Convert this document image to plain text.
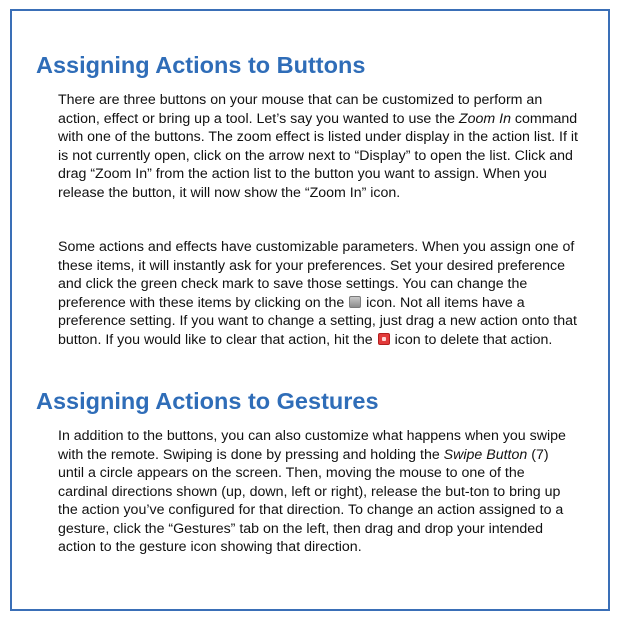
Assigning Actions to Buttons

There are three buttons on your mouse that can be customized to perform an action, effect or bring up a tool. Let’s say you wanted to use the Zoom In command with one of the buttons. The zoom effect is listed under display in the action list. If it is not currently open, click on the arrow next to “Display” to open the list. Click and drag “Zoom In” from the action list to the button you want to assign. When you release the button, it will now show the “Zoom In” icon.

Some actions and effects have customizable parameters. When you assign one of these items, it will instantly ask for your preferences. Set your desired preference and click the green check mark to save those settings. You can change the preference with these items by clicking on the  icon. Not all items have a preference setting. If you want to change a setting, just drag a new action onto that button. If you would like to clear that action, hit the  icon to delete that action.

Assigning Actions to Gestures

In addition to the buttons, you can also customize what happens when you swipe with the remote. Swiping is done by pressing and holding the Swipe Button (7) until a circle appears on the screen. Then, moving the mouse to one of the cardinal directions shown (up, down, left or right), release the but-ton to bring up the action you’ve configured for that direction. To change an action assigned to a gesture, click the “Gestures” tab on the left, then drag and drop your intended action to the gesture icon showing that direction.
